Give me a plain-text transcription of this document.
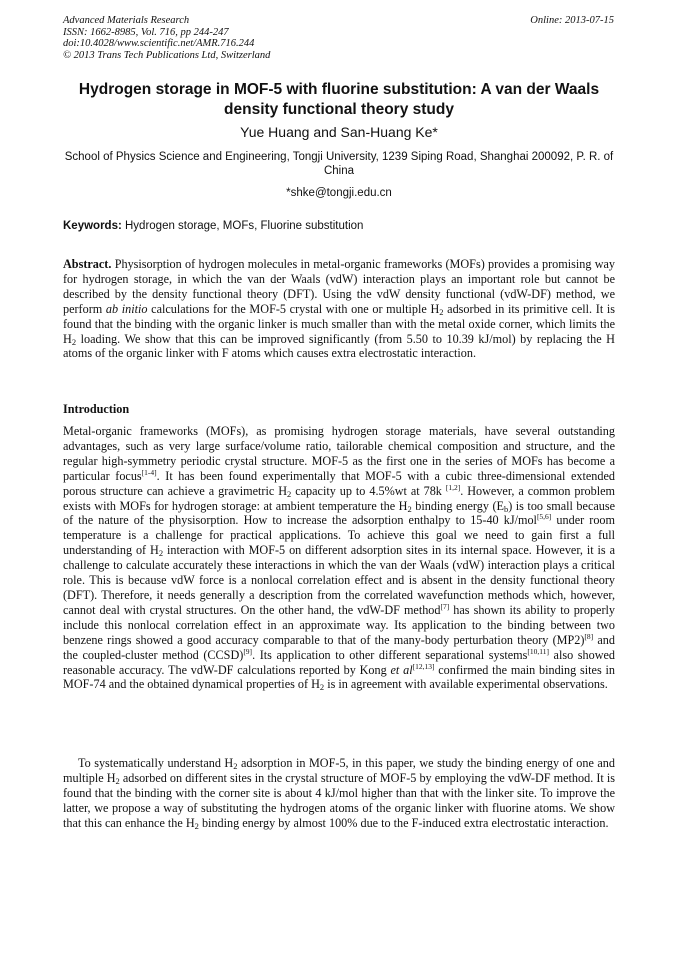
Advanced Materials Research
ISSN: 1662-8985, Vol. 716, pp 244-247
doi:10.4028/www.scientific.net/AMR.716.244
© 2013 Trans Tech Publications Ltd, Switzerland
Online: 2013-07-15
Hydrogen storage in MOF-5 with fluorine substitution: A van der Waals density functional theory study
Yue Huang and San-Huang Ke*
School of Physics Science and Engineering, Tongji University, 1239 Siping Road, Shanghai 200092, P. R. of China
*shke@tongji.edu.cn
Keywords: Hydrogen storage, MOFs, Fluorine substitution
Abstract. Physisorption of hydrogen molecules in metal-organic frameworks (MOFs) provides a promising way for hydrogen storage, in which the van der Waals (vdW) interaction plays an important role but cannot be described by the density functional theory (DFT). Using the vdW density functional (vdW-DF) method, we perform ab initio calculations for the MOF-5 crystal with one or multiple $H_2$ adsorbed in its primitive cell. It is found that the binding with the organic linker is much smaller than with the metal oxide corner, which limits the $H_2$ loading. We show that this can be improved significantly (from 5.50 to 10.39 kJ/mol) by replacing the H atoms of the organic linker with F atoms which causes extra electrostatic interaction.
Introduction
Metal-organic frameworks (MOFs), as promising hydrogen storage materials, have several outstanding advantages, such as very large surface/volume ratio, tailorable chemical composition and structure, and the regular high-symmetry periodic crystal structure. MOF-5 as the first one in the series of MOFs has become a particular focus[1-4]. It has been found experimentally that MOF-5 with a cubic three-dimensional extended porous structure can achieve a gravimetric $H_2$ capacity up to 4.5%wt at 78k [1,2]. However, a common problem exists with MOFs for hydrogen storage: at ambient temperature the $H_2$ binding energy $(E_b)$ is too small because of the nature of the physisorption. How to increase the adsorption enthalpy to 15-40 kJ/mol[5,6] under room temperature is a challenge for practical applications. To achieve this goal we need to gain first a full understanding of $H_2$ interaction with MOF-5 on different adsorption sites in its internal space. However, it is a challenge to calculate accurately these interactions in which the van der Waals (vdW) interaction plays a critical role. This is because vdW force is a nonlocal correlation effect and is absent in the density functional theory (DFT). Therefore, it needs generally a description from the correlated wavefunction methods which, however, cannot deal with crystal structures. On the other hand, the vdW-DF method[7] has shown its ability to properly include this nonlocal correlation effect in an approximate way. Its application to the binding between two benzene rings showed a good accuracy comparable to that of the many-body perturbation theory (MP2)[8] and the coupled-cluster method (CCSD)[9]. Its application to other different separational systems[10,11] also showed reasonable accuracy. The vdW-DF calculations reported by Kong et al[12,13] confirmed the main binding sites in MOF-74 and the obtained dynamical properties of $H_2$ is in agreement with available experimental observations.
To systematically understand $H_2$ adsorption in MOF-5, in this paper, we study the binding energy of one and multiple $H_2$ adsorbed on different sites in the crystal structure of MOF-5 by employing the vdW-DF method. It is found that the binding with the corner site is about 4 kJ/mol higher than that with the linker site. To improve the latter, we propose a way of substituting the hydrogen atoms of the organic linker with fluorine atoms. We show that this can enhance the $H_2$ binding energy by almost 100% due to the F-induced extra electrostatic interaction.
